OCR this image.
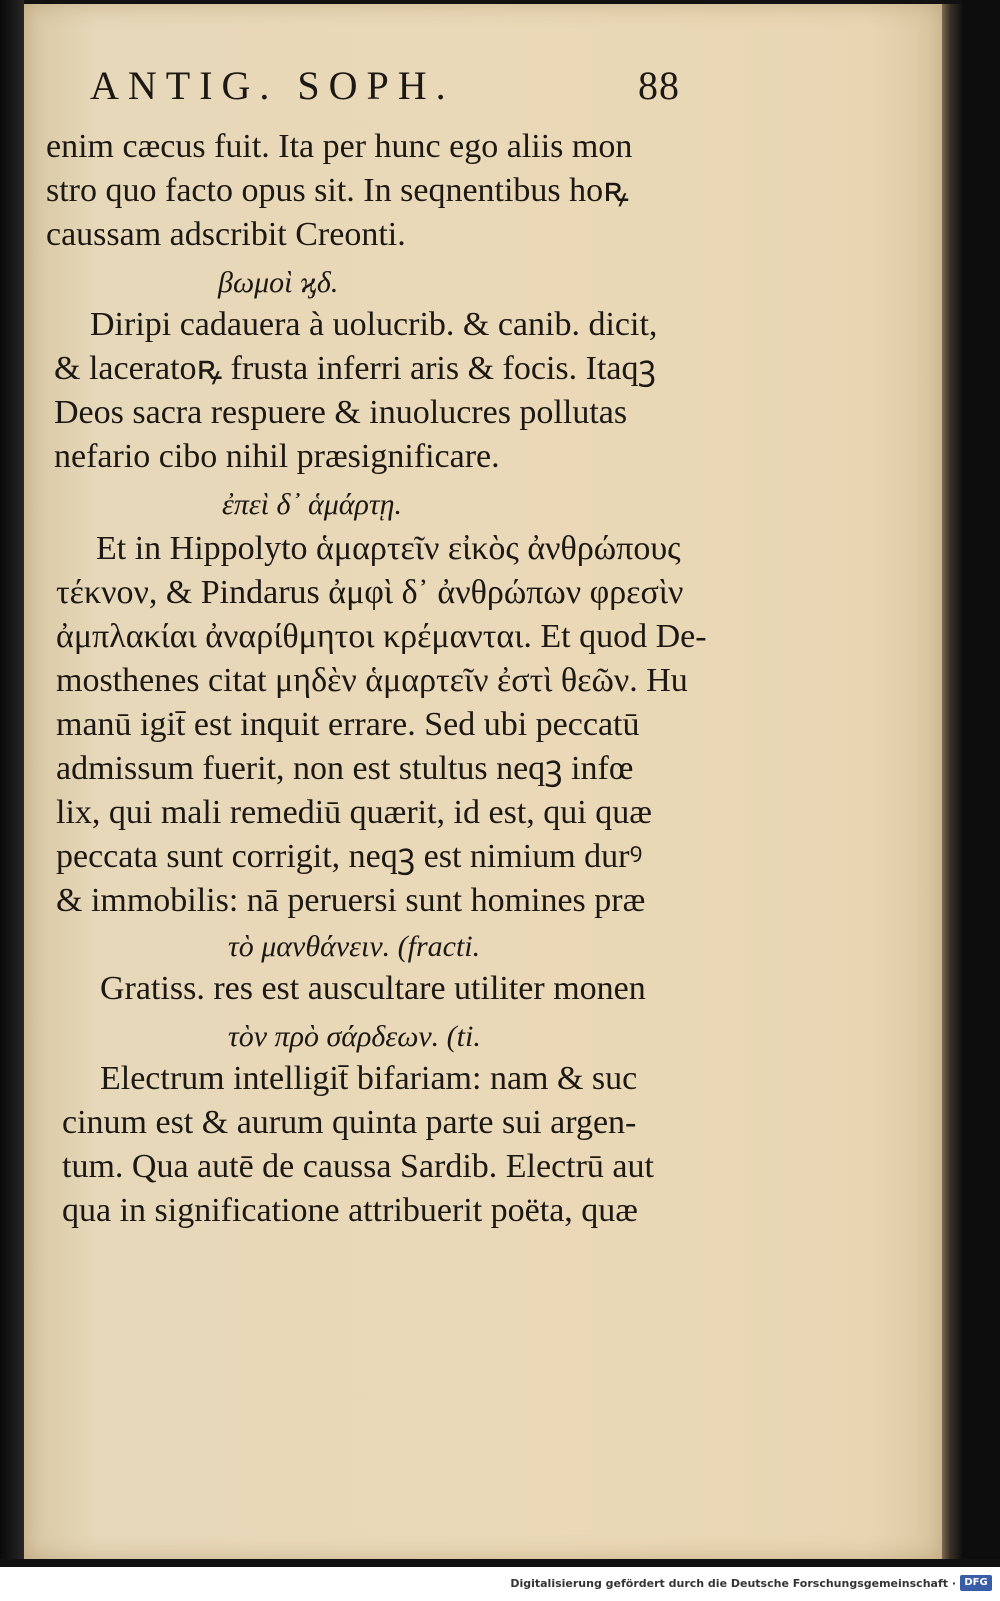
ANTIG. SOPH.	88
enim cæcus fuit. Ita per hunc ego aliis mon
stro quo facto opus sit. In seqnentibus hoꝶ
caussam adscribit Creonti.
βωμοὶ ϗδ.
Diripi cadauera à uolucrib. & canib. dicit,
& laceratoꝶ frusta inferri aris & focis. Itaqꝫ
Deos sacra respuere & inuolucres pollutas
nefario cibo nihil præsignificare.
ἐπεὶ δ᾽ ἁμάρτῃ.
Et in Hippolyto ἁμαρτεῖν εἰκὸς ἀνθρώπους
τέκνον, & Pindarus ἀμφὶ δ᾽ ἀνθρώπων φρεσὶν
ἀμπλακίαι ἀναρίθμητοι κρέμανται. Et quod De-
mosthenes citat μηδὲν ἁμαρτεῖν ἐστὶ θεῶν. Hu
manū igit̄ est inquit errare. Sed ubi peccatū
admissum fuerit, non est stultus neqꝫ infœ
lix, qui mali remediū quærit, id est, qui quæ
peccata sunt corrigit, neqꝫ est nimium durꝰ
& immobilis: nā peruersi sunt homines præ
τὸ μανθάνειν. (fracti.
Gratiss. res est auscultare utiliter monen
τὸν πρὸ σάρδεων. (ti.
Electrum intelligit̄ bifariam: nam & suc
cinum est & aurum quinta parte sui argen-
tum. Qua autē de caussa Sardib. Electrū aut
qua in significatione attribuerit poëta, quæ
Digitalisierung gefördert durch die Deutsche Forschungsgemeinschaft · DFG
